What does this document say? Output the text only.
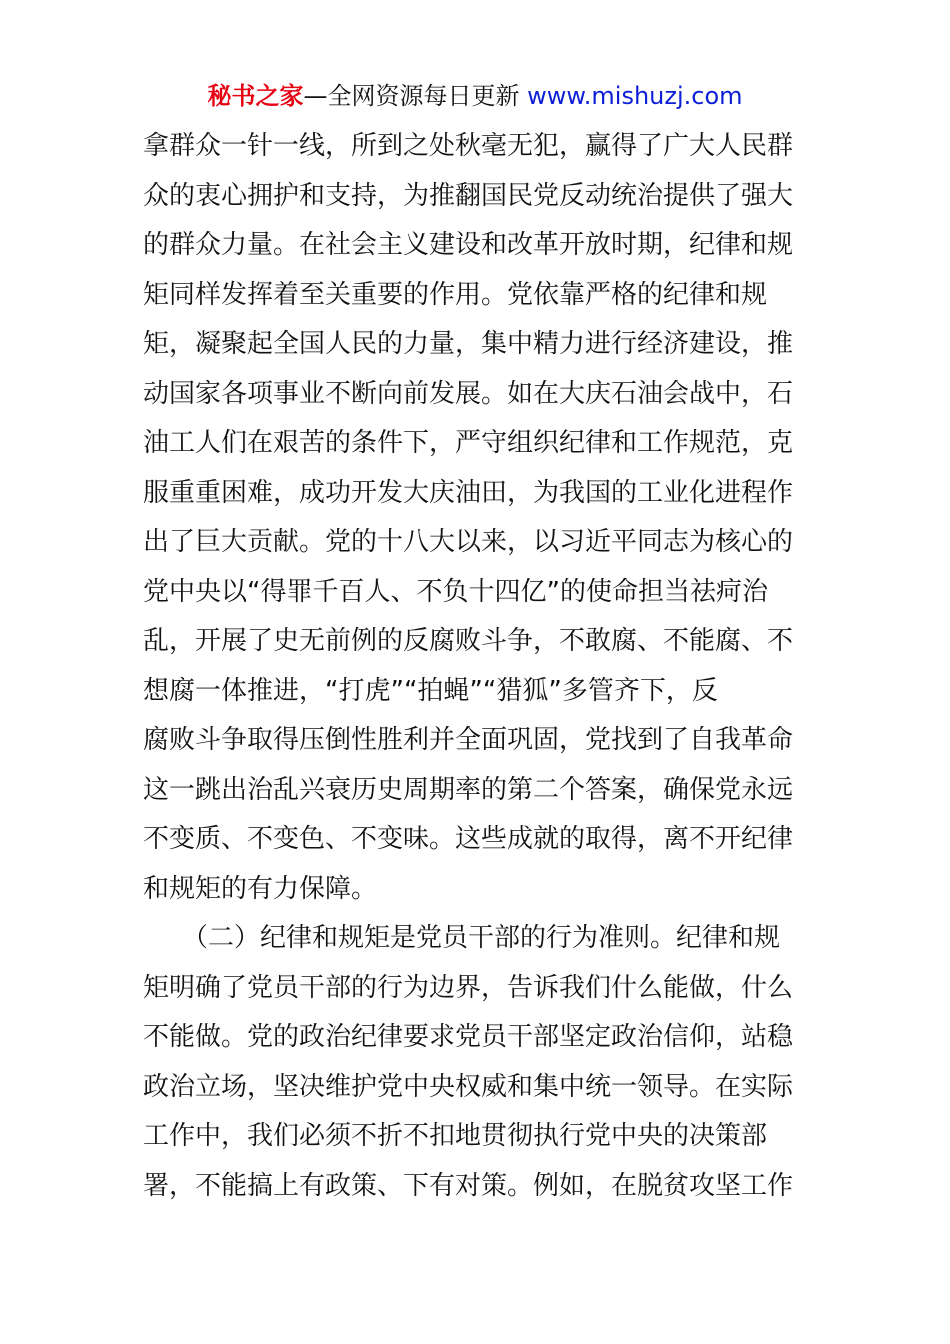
秘书之家—全网资源每日更新 www.mishuzj.com
拿群众一针一线，所到之处秋毫无犯，赢得了广大人民群
众的衷心拥护和支持，为推翻国民党反动统治提供了强大
的群众力量。在社会主义建设和改革开放时期，纪律和规
矩同样发挥着至关重要的作用。党依靠严格的纪律和规
矩，凝聚起全国人民的力量，集中精力进行经济建设，推
动国家各项事业不断向前发展。如在大庆石油会战中，石
油工人们在艰苦的条件下，严守组织纪律和工作规范，克
服重重困难，成功开发大庆油田，为我国的工业化进程作
出了巨大贡献。党的十八大以来，以习近平同志为核心的
党中央以“得罪千百人、不负十四亿”的使命担当祛疴治
乱，开展了史无前例的反腐败斗争，不敢腐、不能腐、不
想腐一体推进，“打虎”“拍蝇”“猎狐”多管齐下，反
腐败斗争取得压倒性胜利并全面巩固，党找到了自我革命
这一跳出治乱兴衰历史周期率的第二个答案，确保党永远
不变质、不变色、不变味。这些成就的取得，离不开纪律
和规矩的有力保障。
　　（二）纪律和规矩是党员干部的行为准则。纪律和规
矩明确了党员干部的行为边界，告诉我们什么能做，什么
不能做。党的政治纪律要求党员干部坚定政治信仰，站稳
政治立场，坚决维护党中央权威和集中统一领导。在实际
工作中，我们必须不折不扣地贯彻执行党中央的决策部
署，不能搞上有政策、下有对策。例如，在脱贫攻坚工作
